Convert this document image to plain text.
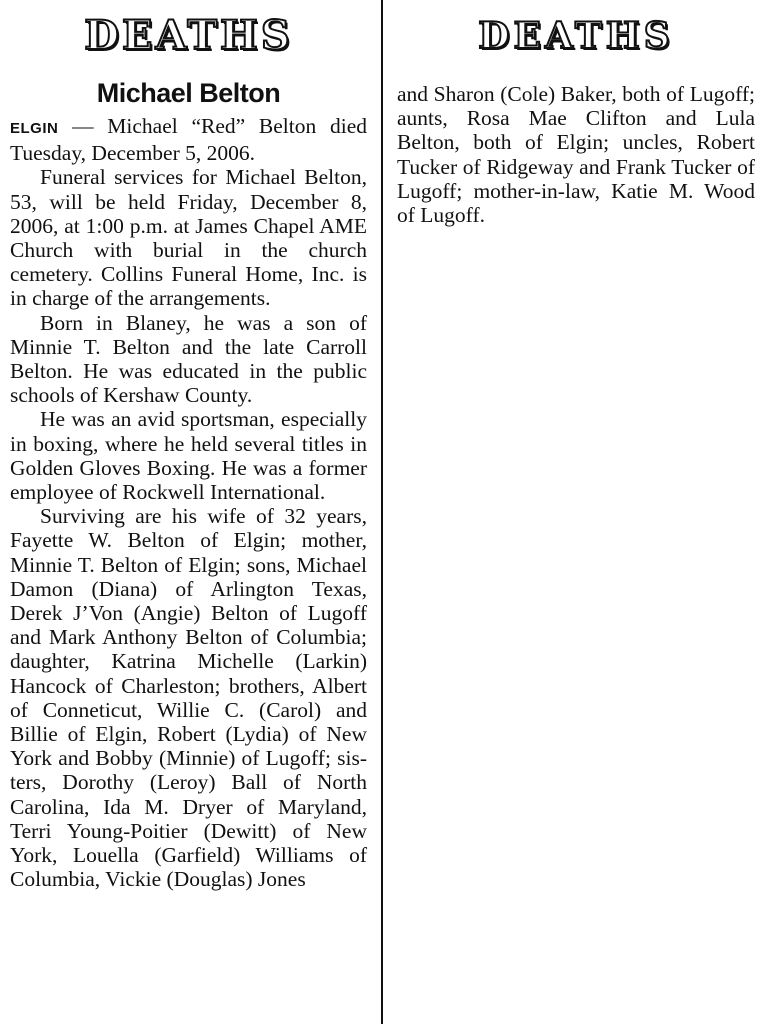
DEATHS
Michael Belton

ELGIN — Michael “Red” Belton died Tuesday, December 5, 2006.

Funeral services for Michael Belton, 53, will be held Friday, December 8, 2006, at 1:00 p.m. at James Chapel AME Church with burial in the church cemetery. Collins Funeral Home, Inc. is in charge of the arrangements.

Born in Blaney, he was a son of Minnie T. Belton and the late Carroll Belton. He was educated in the public schools of Kershaw County.

He was an avid sportsman, especially in boxing, where he held several titles in Golden Gloves Boxing. He was a former employee of Rockwell International.

Surviving are his wife of 32 years, Fayette W. Belton of Elgin; mother, Minnie T. Belton of Elgin; sons, Michael Damon (Diana) of Arlington Texas, Derek J’Von (Angie) Belton of Lugoff and Mark Anthony Belton of Columbia; daughter, Katrina Michelle (Larkin) Hancock of Charleston; brothers, Albert of Conneticut, Willie C. (Carol) and Billie of Elgin, Robert (Lydia) of New York and Bobby (Minnie) of Lugoff; sisters, Dorothy (Leroy) Ball of North Carolina, Ida M. Dryer of Maryland, Terri Young-Poitier (Dewitt) of New York, Louella (Garfield) Williams of Columbia, Vickie (Douglas) Jones

DEATHS

and Sharon (Cole) Baker, both of Lugoff; aunts, Rosa Mae Clifton and Lula Belton, both of Elgin; uncles, Robert Tucker of Ridgeway and Frank Tucker of Lugoff; mother-in-law, Katie M. Wood of Lugoff.
